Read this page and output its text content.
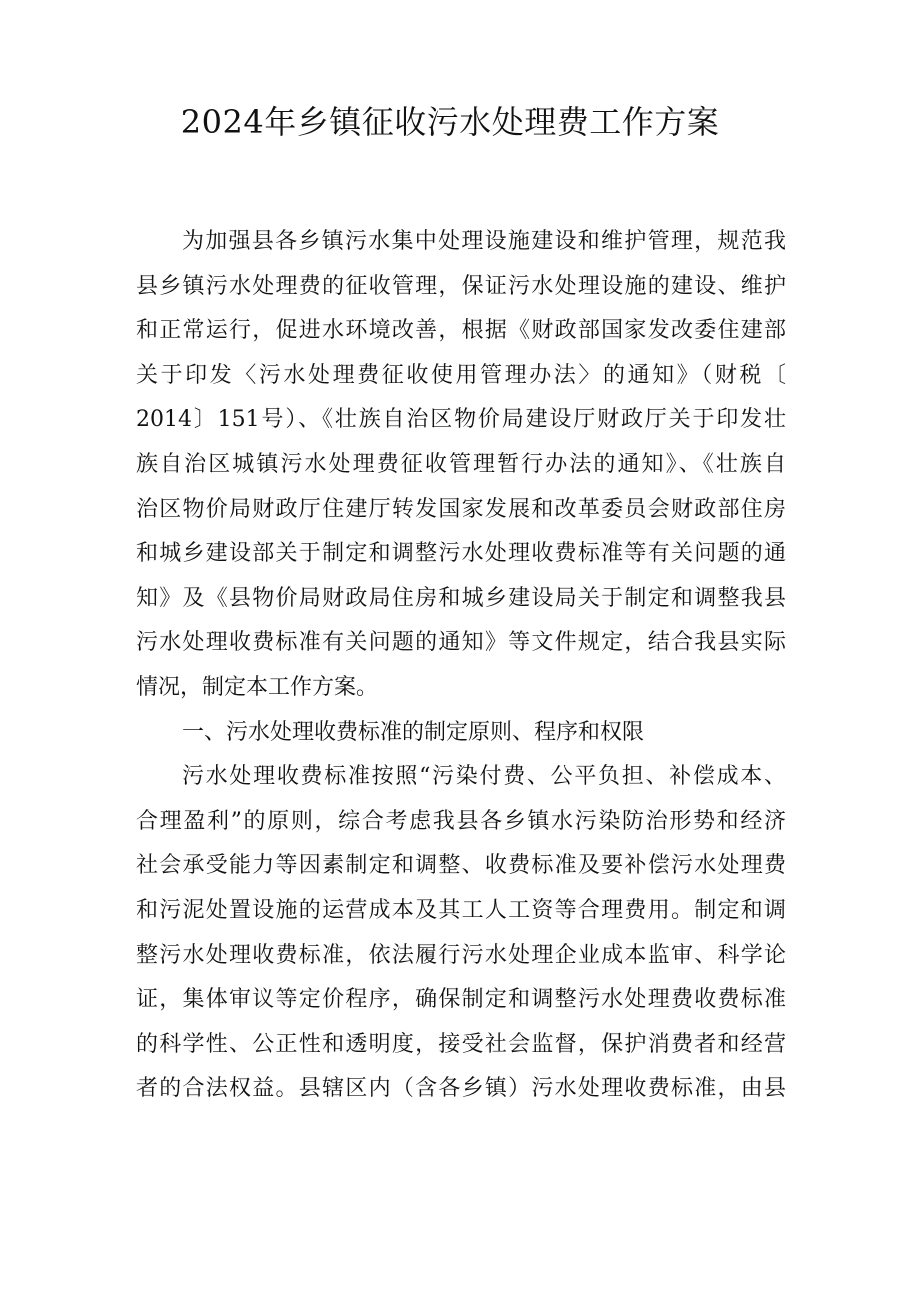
2024年乡镇征收污水处理费工作方案
为加强县各乡镇污水集中处理设施建设和维护管理，规范我
县乡镇污水处理费的征收管理，保证污水处理设施的建设、维护
和正常运行，促进水环境改善，根据《财政部国家发改委住建部
关于印发〈污水处理费征收使用管理办法〉的通知》（财税〔
2014〕151号）、《壮族自治区物价局建设厅财政厅关于印发壮
族自治区城镇污水处理费征收管理暂行办法的通知》、《壮族自
治区物价局财政厅住建厅转发国家发展和改革委员会财政部住房
和城乡建设部关于制定和调整污水处理收费标准等有关问题的通
知》及《县物价局财政局住房和城乡建设局关于制定和调整我县
污水处理收费标准有关问题的通知》等文件规定，结合我县实际
情况，制定本工作方案。
一、污水处理收费标准的制定原则、程序和权限
污水处理收费标准按照“污染付费、公平负担、补偿成本、
合理盈利”的原则，综合考虑我县各乡镇水污染防治形势和经济
社会承受能力等因素制定和调整、收费标准及要补偿污水处理费
和污泥处置设施的运营成本及其工人工资等合理费用。制定和调
整污水处理收费标准，依法履行污水处理企业成本监审、科学论
证，集体审议等定价程序，确保制定和调整污水处理费收费标准
的科学性、公正性和透明度，接受社会监督，保护消费者和经营
者的合法权益。县辖区内（含各乡镇）污水处理收费标准，由县
